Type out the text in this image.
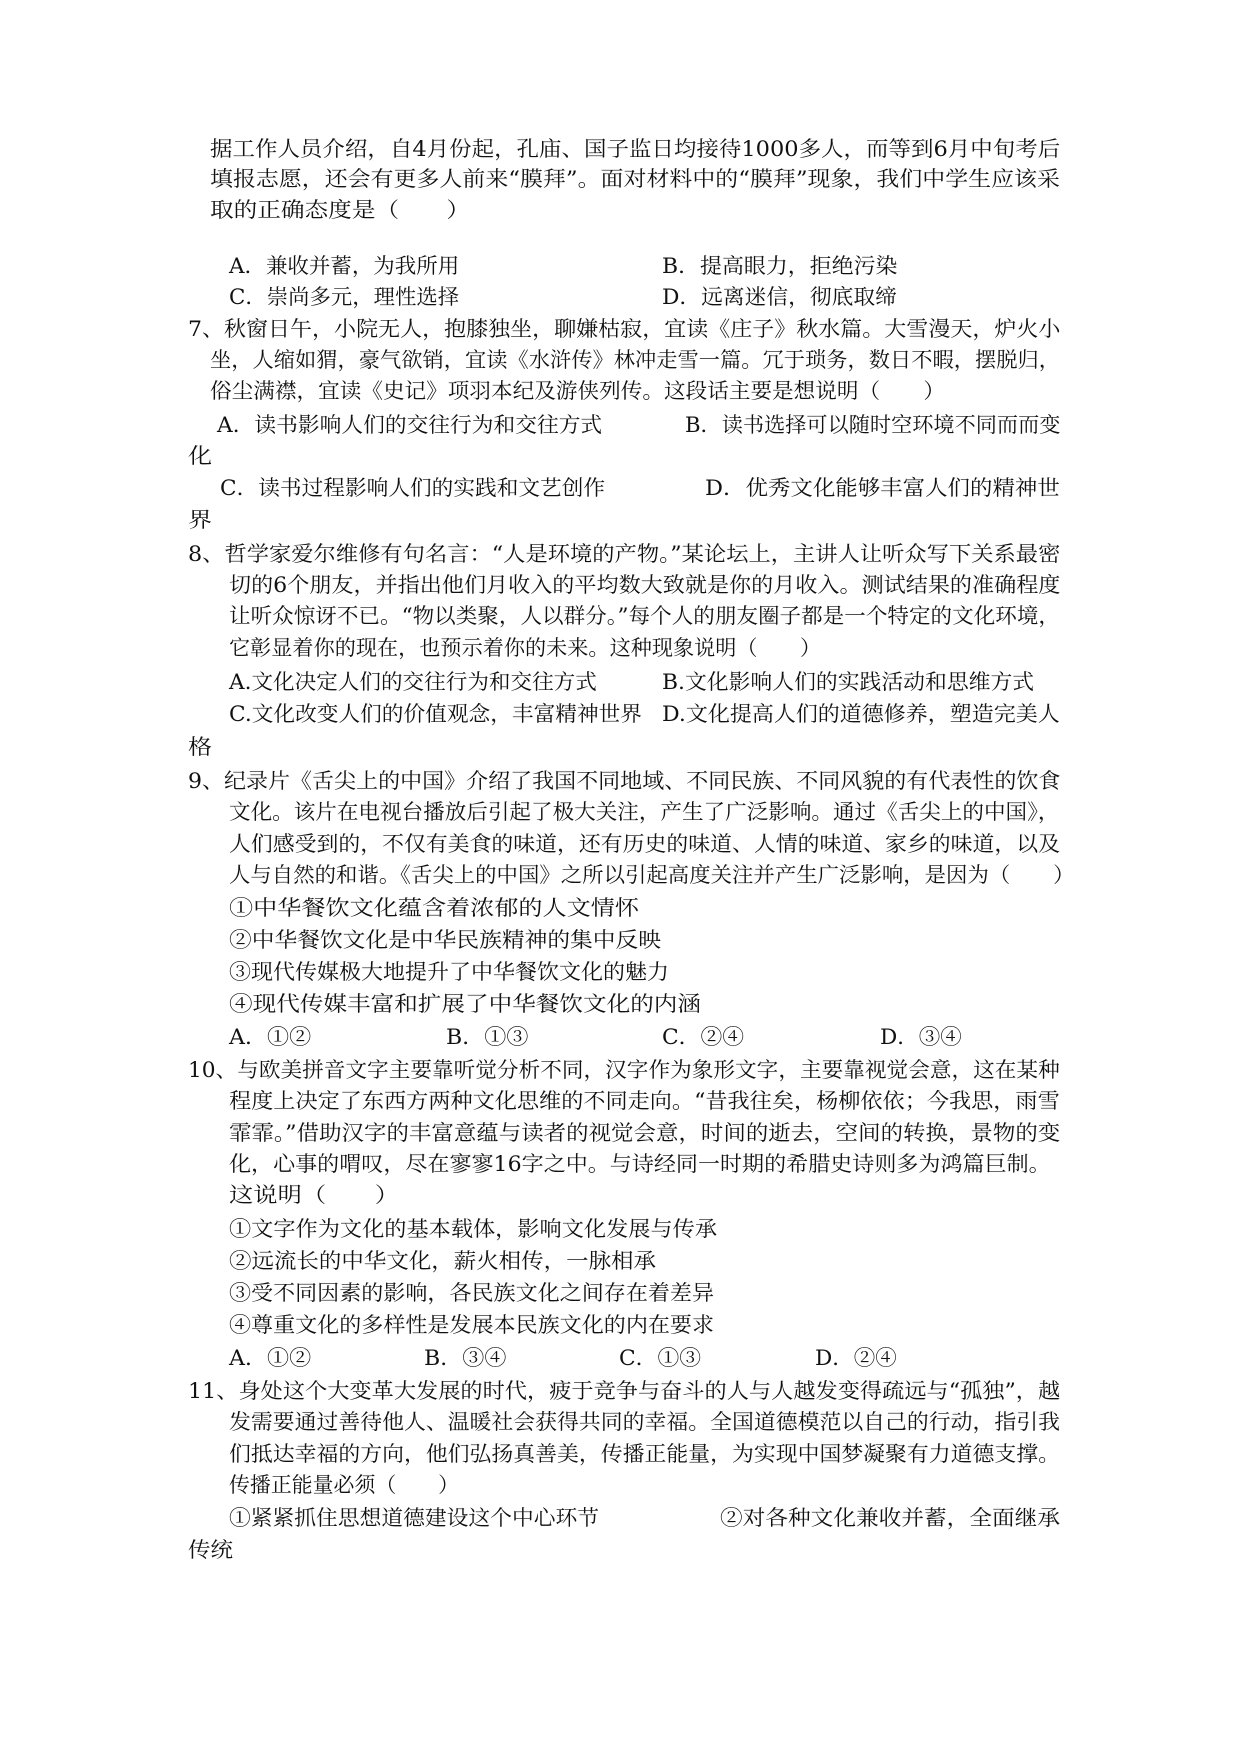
据工作人员介绍，自4月份起，孔庙、国子监日均接待1000多人，而等到6月中旬考后
填报志愿，还会有更多人前来“膜拜”。面对材料中的“膜拜”现象，我们中学生应该采
取的正确态度是（　　）
A．兼收并蓄，为我所用	B．提高眼力，拒绝污染
C．崇尚多元，理性选择	D．远离迷信，彻底取缔
7、秋窗日午，小院无人，抱膝独坐，聊嫌枯寂，宜读《庄子》秋水篇。大雪漫天，炉火小
坐，人缩如猬，豪气欲销，宜读《水浒传》林冲走雪一篇。冗于琐务，数日不暇，摆脱归，
俗尘满襟，宜读《史记》项羽本纪及游侠列传。这段话主要是想说明（　　）
A．读书影响人们的交往行为和交往方式	B．读书选择可以随时空环境不同而而变
化
C．读书过程影响人们的实践和文艺创作	D．优秀文化能够丰富人们的精神世
界
8、哲学家爱尔维修有句名言：“人是环境的产物。”某论坛上，主讲人让听众写下关系最密
切的6个朋友，并指出他们月收入的平均数大致就是你的月收入。测试结果的准确程度
让听众惊讶不已。“物以类聚，人以群分。”每个人的朋友圈子都是一个特定的文化环境，
它彰显着你的现在，也预示着你的未来。这种现象说明（　　）
A.文化决定人们的交往行为和交往方式	B.文化影响人们的实践活动和思维方式
C.文化改变人们的价值观念，丰富精神世界 D.文化提高人们的道德修养，塑造完美人
格
9、纪录片《舌尖上的中国》介绍了我国不同地域、不同民族、不同风貌的有代表性的饮食
文化。该片在电视台播放后引起了极大关注，产生了广泛影响。通过《舌尖上的中国》，
人们感受到的，不仅有美食的味道，还有历史的味道、人情的味道、家乡的味道，以及
人与自然的和谐。《舌尖上的中国》之所以引起高度关注并产生广泛影响，是因为（　　）
①中华餐饮文化蕴含着浓郁的人文情怀
②中华餐饮文化是中华民族精神的集中反映
③现代传媒极大地提升了中华餐饮文化的魅力
④现代传媒丰富和扩展了中华餐饮文化的内涵
A．①②	B．①③	C．②④	D．③④
10、与欧美拼音文字主要靠听觉分析不同，汉字作为象形文字，主要靠视觉会意，这在某种
程度上决定了东西方两种文化思维的不同走向。“昔我往矣，杨柳依依；今我思，雨雪
霏霏。”借助汉字的丰富意蕴与读者的视觉会意，时间的逝去，空间的转换，景物的变
化，心事的喟叹，尽在寥寥16字之中。与诗经同一时期的希腊史诗则多为鸿篇巨制。
这说明（　　）
①文字作为文化的基本载体，影响文化发展与传承
②远流长的中华文化，薪火相传，一脉相承
③受不同因素的影响，各民族文化之间存在着差异
④尊重文化的多样性是发展本民族文化的内在要求
A．①②	B．③④	C．①③	D．②④
11、身处这个大变革大发展的时代，疲于竞争与奋斗的人与人越发变得疏远与“孤独”，越
发需要通过善待他人、温暖社会获得共同的幸福。全国道德模范以自己的行动，指引我
们抵达幸福的方向，他们弘扬真善美，传播正能量，为实现中国梦凝聚有力道德支撑。
传播正能量必须（　　）
①紧紧抓住思想道德建设这个中心环节	②对各种文化兼收并蓄，全面继承
传统
